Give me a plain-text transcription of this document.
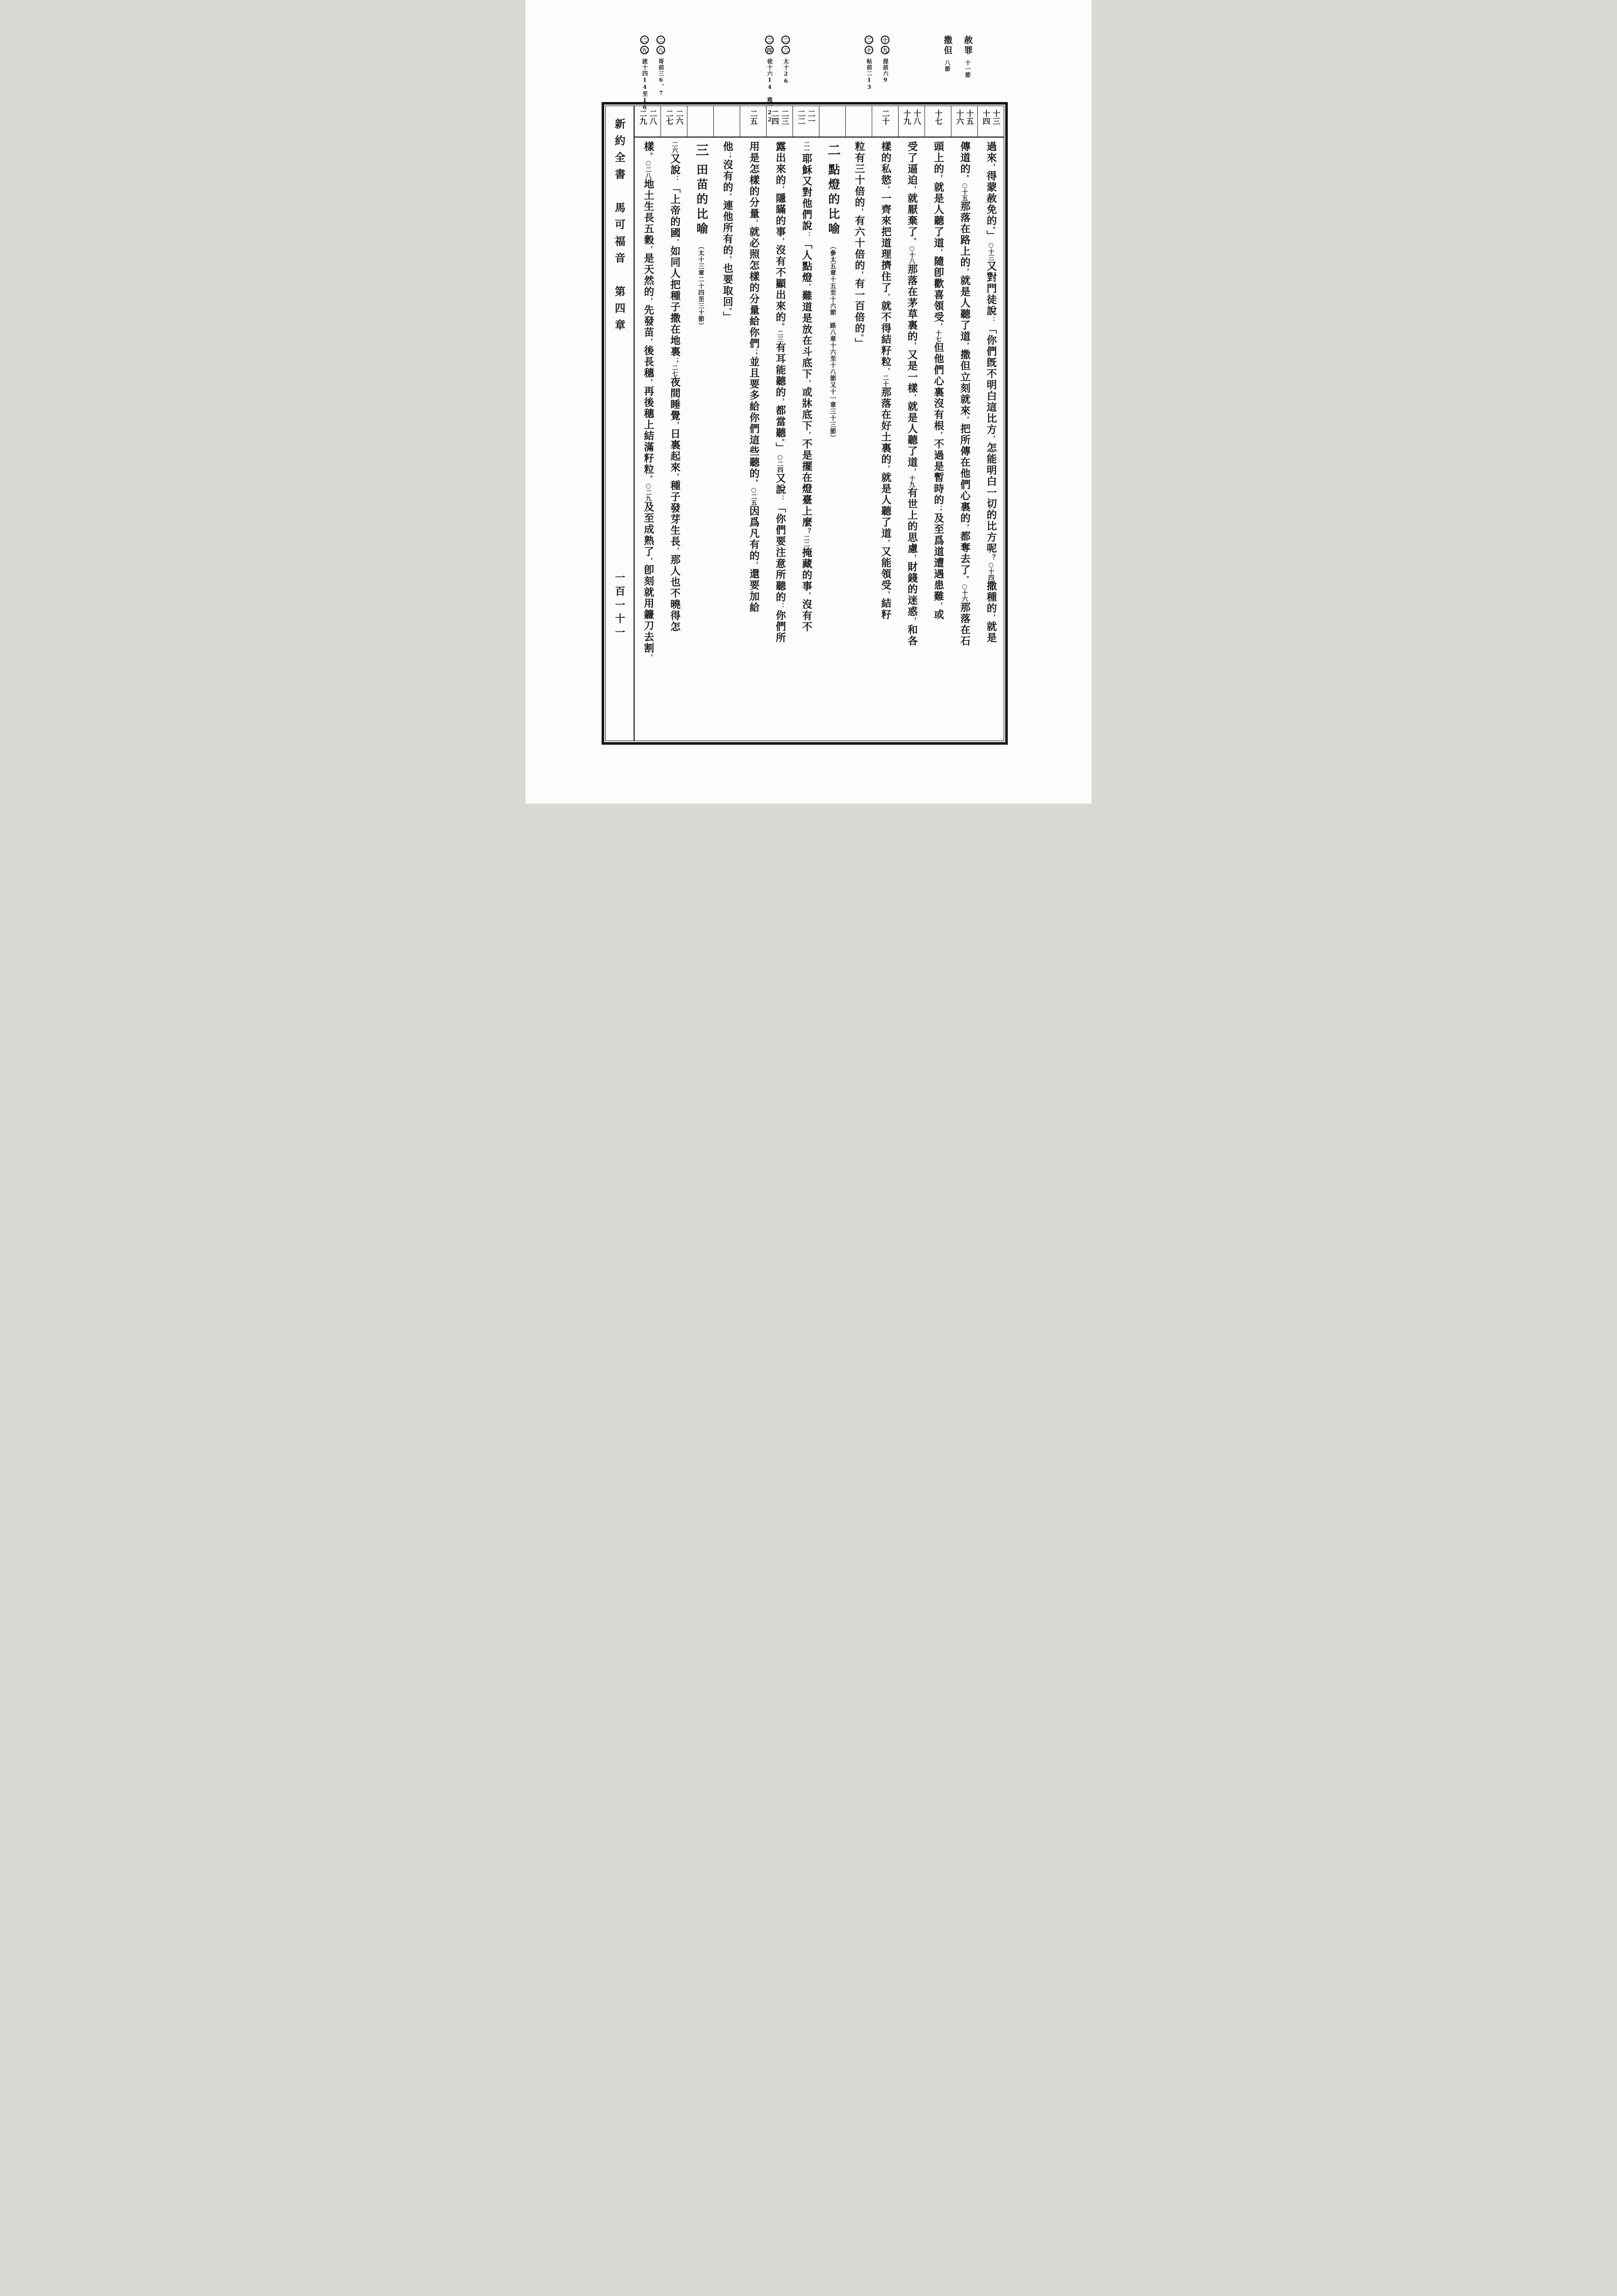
赦罪
十一節
撒但
八節
十
九
提前六9
二
十
帖前二13
二
二
太十26
二
四
徒十六14　雅一22
二
八
哥前三6、7
二
九
啟十四14至16
新約全書　馬可福音　第四章
一百一十一
十三
十四
十五
十六
十七
十八
十九
二十
二一
二二
二三
二四
二五
二六
二七
二八
二九
過來，得蒙赦免的。」○十三又對門徒說：「你們旣不明白這比方，怎能明白一切的比方呢？○十四撒種的，就是
傳道的。○十五那落在路上的，就是人聽了道，撒但立刻就來，把所傳在他們心裏的，都奪去了。○十六那落在石
頭上的，就是人聽了道，隨卽歡喜領受，十七但他們心裏沒有根，不過是暫時的；及至爲道遭遇患難，或
受了逼迫，就厭棄了。○十八那落在茅草裏的，又是一樣，就是人聽了道，十九有世上的思慮，財錢的迷惑，和各
樣的私慾，一齊來把道理擠住了，就不得結籽粒，二十那落在好土裏的，就是人聽了道，又能領受，結籽
粒有三十倍的，有六十倍的，有一百倍的。」
二點燈的比喻（參太五章十五至十六節　路八章十六至十八節又十一章三十三節）
二一耶穌又對他們說：「人點燈，難道是放在斗底下，或牀底下，不是擺在燈臺上麼？二二掩藏的事，沒有不
露出來的，隱瞞的事，沒有不顯出來的。二三有耳能聽的，都當聽。」○二四又說：「你們要注意所聽的：你們所
用是怎樣的分量，就必照怎樣的分量給你們；並且要多給你們這些聽的。○二五因爲凡有的，還要加給
他；沒有的，連他所有的，也要取回。」
三田苗的比喻（太十三章二十四至三十節）
二六又說：「上帝的國，如同人把種子撒在地裏；二七夜間睡覺，日裏起來，種子發芽生長，那人也不曉得怎
樣。○二八地土生長五穀，是天然的，先發苗，後長穗，再後穗上結滿籽粒。○二九及至成熟了，卽刻就用鐮刀去割，
